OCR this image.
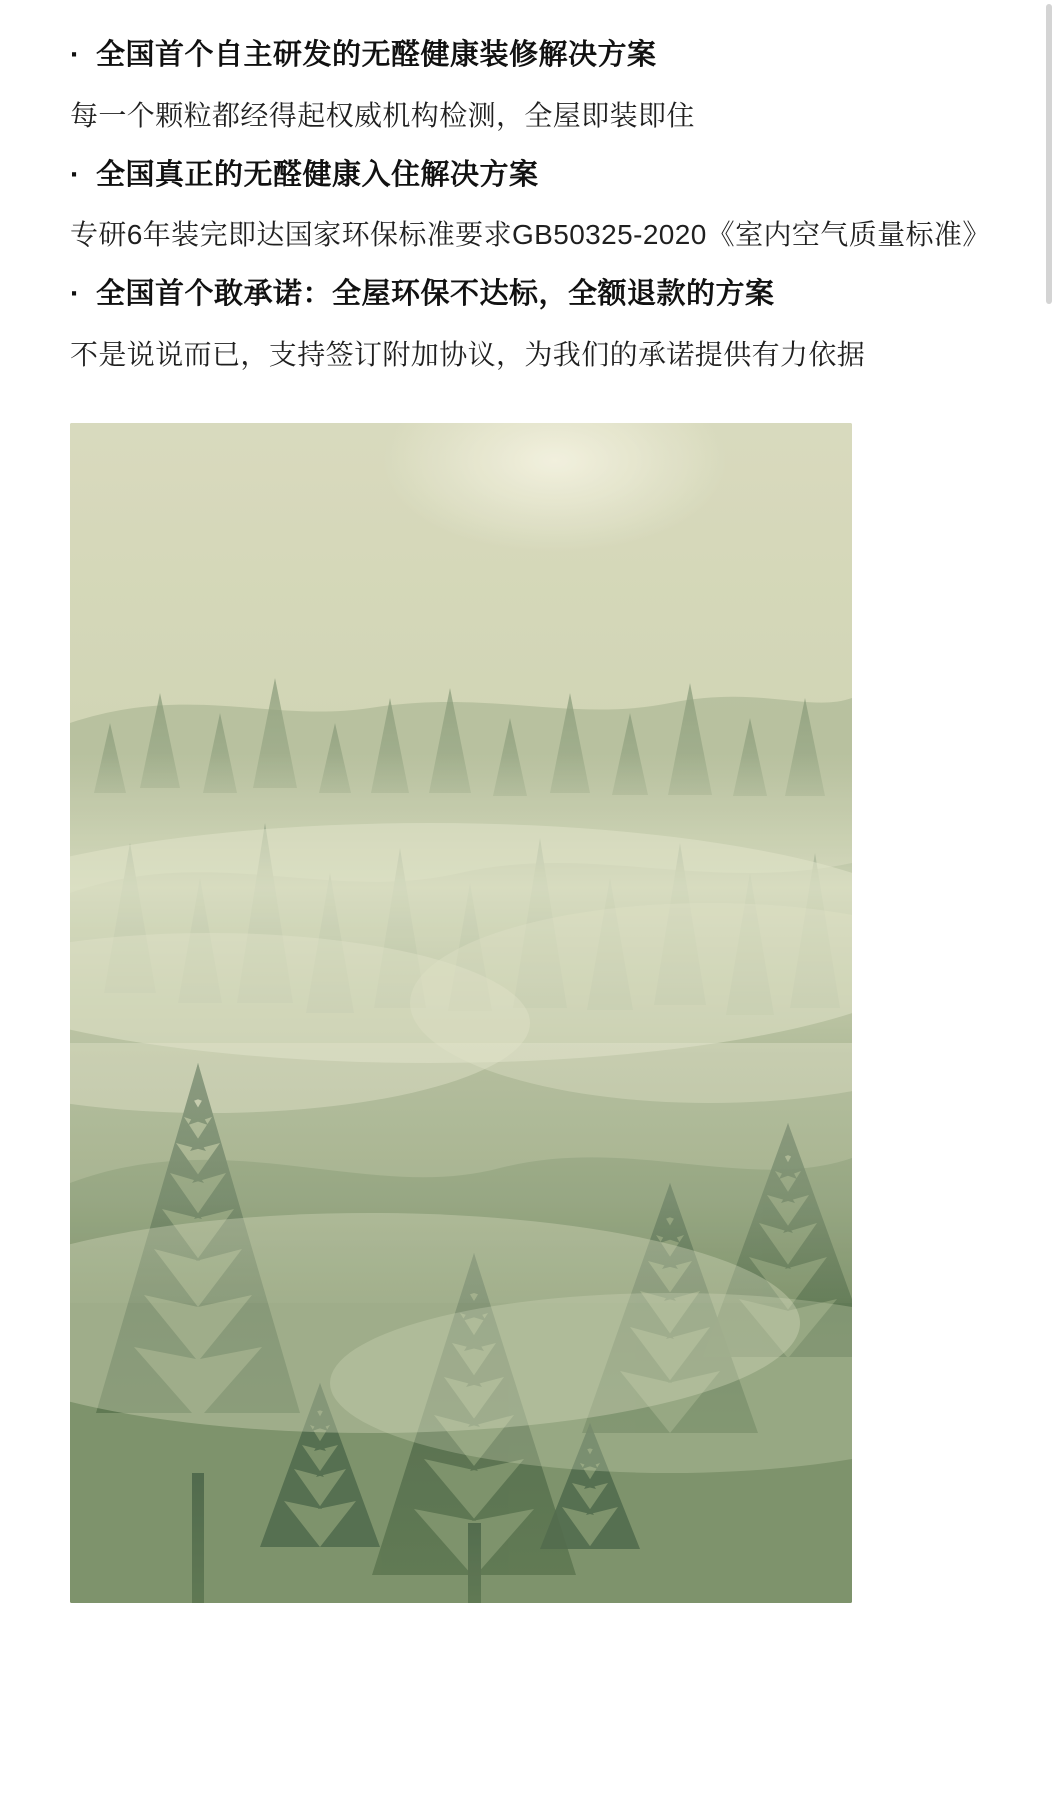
· 全国首个自主研发的无醛健康装修解决方案

每一个颗粒都经得起权威机构检测，全屋即装即住

· 全国真正的无醛健康入住解决方案

专研6年装完即达国家环保标准要求GB50325-2020《室内空气质量标准》

· 全国首个敢承诺：全屋环保不达标，全额退款的方案

不是说说而已，支持签订附加协议，为我们的承诺提供有力依据
